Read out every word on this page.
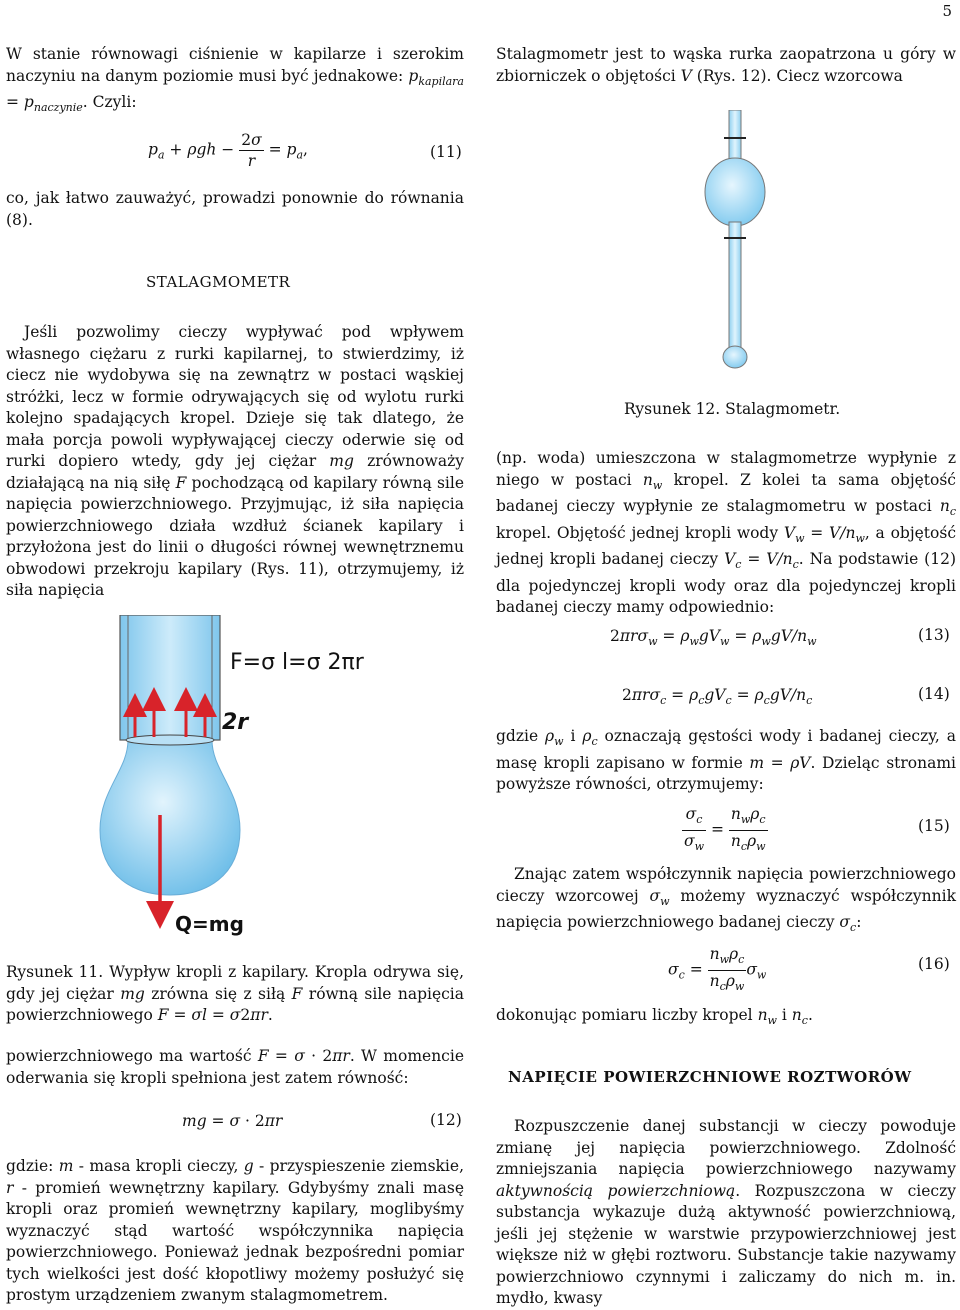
5

W stanie równowagi ciśnienie w kapilarze i szerokim naczyniu na danym poziomie musi być jednakowe: $p_{kapilara} = p_{naczynie}$. Czyli:

$p_a + \rho gh - \frac{2\sigma}{r} = p_a$,	(11)

co, jak łatwo zauważyć, prowadzi ponownie do równania (8).

STALAGMOMETR

Jeśli pozwolimy cieczy wypływać pod wpływem własnego ciężaru z rurki kapilarnej, to stwierdzimy, iż ciecz nie wydobywa się na zewnątrz w postaci wąskiej stróżki, lecz w formie odrywających się od wylotu rurki kolejno spadających kropel. Dzieje się tak dlatego, że mała porcja powoli wypływającej cieczy oderwie się od rurki dopiero wtedy, gdy jej ciężar mg zrównoważy działającą na nią siłę F pochodzącą od kapilary równą sile napięcia powierzchniowego. Przyjmując, iż siła napięcia powierzchniowego działa wzdłuż ścianek kapilary i przyłożona jest do linii o długości równej wewnętrznemu obwodowi przekroju kapilary (Rys. 11), otrzymujemy, iż siła napięcia

F=σ l=σ 2πr
2r
Q=mg
Rysunek 11. Wypływ kropli z kapilary. Kropla odrywa się, gdy jej ciężar mg zrówna się z siłą F równą sile napięcia powierzchniowego F = σl = σ2πr.

powierzchniowego ma wartość F = σ · 2πr. W momencie oderwania się kropli spełniona jest zatem równość:

mg = σ · 2πr	(12)

gdzie: m - masa kropli cieczy, g - przyspieszenie ziemskie, r - promień wewnętrzny kapilary. Gdybyśmy znali masę kropli oraz promień wewnętrzny kapilary, moglibyśmy wyznaczyć stąd wartość współczynnika napięcia powierzchniowego. Ponieważ jednak bezpośredni pomiar tych wielkości jest dość kłopotliwy możemy posłużyć się prostym urządzeniem zwanym stalagmometrem.

Stalagmometr jest to wąska rurka zaopatrzona u góry w zbiorniczek o objętości V (Rys. 12). Ciecz wzorcowa

Rysunek 12. Stalagmometr.

(np. woda) umieszczona w stalagmometrze wypłynie z niego w postaci $n_w$ kropel. Z kolei ta sama objętość badanej cieczy wypłynie ze stalagmometru w postaci $n_c$ kropel. Objętość jednej kropli wody $V_w = V/n_w$, a objętość jednej kropli badanej cieczy $V_c = V/n_c$. Na podstawie (12) dla pojedynczej kropli wody oraz dla pojedynczej kropli badanej cieczy mamy odpowiednio:

$2\pi r\sigma_w = \rho_wgV_w = \rho_wgV/n_w$	(13)
$2\pi r\sigma_c = \rho_cgV_c = \rho_cgV/n_c$	(14)

gdzie $\rho_w$ i $\rho_c$ oznaczają gęstości wody i badanej cieczy, a masę kropli zapisano w formie m = ρV. Dzieląc stronami powyższe równości, otrzymujemy:

$\frac{\sigma_c}{\sigma_w} = \frac{n_w\rho_c}{n_c\rho_w}$	(15)

Znając zatem współczynnik napięcia powierzchniowego cieczy wzorcowej $\sigma_w$ możemy wyznaczyć współczynnik napięcia powierzchniowego badanej cieczy $\sigma_c$:

$\sigma_c = \frac{n_w\rho_c}{n_c\rho_w} \sigma_w$
(16)

dokonując pomiaru liczby kropel $n_w$ i $n_c$.

NAPIĘCIE POWIERZCHNIOWE ROZTWORÓW

Rozpuszczenie danej substancji w cieczy powoduje zmianę jej napięcia powierzchniowego. Zdolność zmniejszania napięcia powierzchniowego nazywamy aktywnością powierzchniową. Rozpuszczona w cieczy substancja wykazuje dużą aktywność powierzchniową, jeśli jej stężenie w warstwie przypowierzchniowej jest większe niż w głębi roztworu. Substancje takie nazywamy powierzchniowo czynnymi i zaliczamy do nich m. in. mydło, kwasy
